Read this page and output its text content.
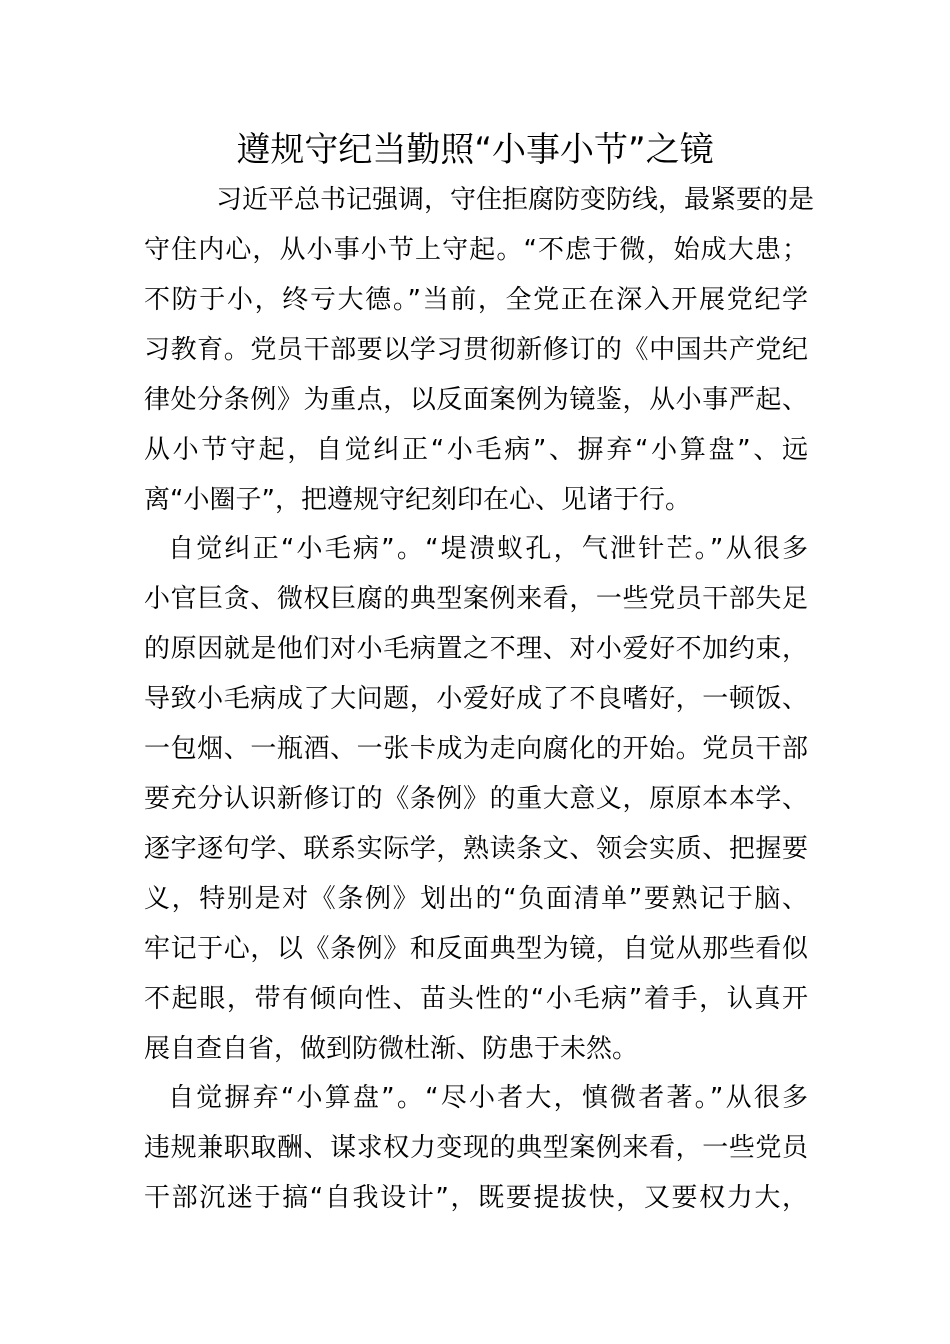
遵规守纪当勤照“小事小节”之镜
习近平总书记强调，守住拒腐防变防线，最紧要的是
守住内心，从小事小节上守起。“不虑于微，始成大患；
不防于小，终亏大德。”当前，全党正在深入开展党纪学
习教育。党员干部要以学习贯彻新修订的《中国共产党纪
律处分条例》为重点，以反面案例为镜鉴，从小事严起、
从小节守起，自觉纠正“小毛病”、摒弃“小算盘”、远
离“小圈子”，把遵规守纪刻印在心、见诸于行。
自觉纠正“小毛病”。“堤溃蚁孔，气泄针芒。”从很多
小官巨贪、微权巨腐的典型案例来看，一些党员干部失足
的原因就是他们对小毛病置之不理、对小爱好不加约束，
导致小毛病成了大问题，小爱好成了不良嗜好，一顿饭、
一包烟、一瓶酒、一张卡成为走向腐化的开始。党员干部
要充分认识新修订的《条例》的重大意义，原原本本学、
逐字逐句学、联系实际学，熟读条文、领会实质、把握要
义，特别是对《条例》划出的“负面清单”要熟记于脑、
牢记于心，以《条例》和反面典型为镜，自觉从那些看似
不起眼，带有倾向性、苗头性的“小毛病”着手，认真开
展自查自省，做到防微杜渐、防患于未然。
自觉摒弃“小算盘”。“尽小者大，慎微者著。”从很多
违规兼职取酬、谋求权力变现的典型案例来看，一些党员
干部沉迷于搞“自我设计”，既要提拔快，又要权力大，
